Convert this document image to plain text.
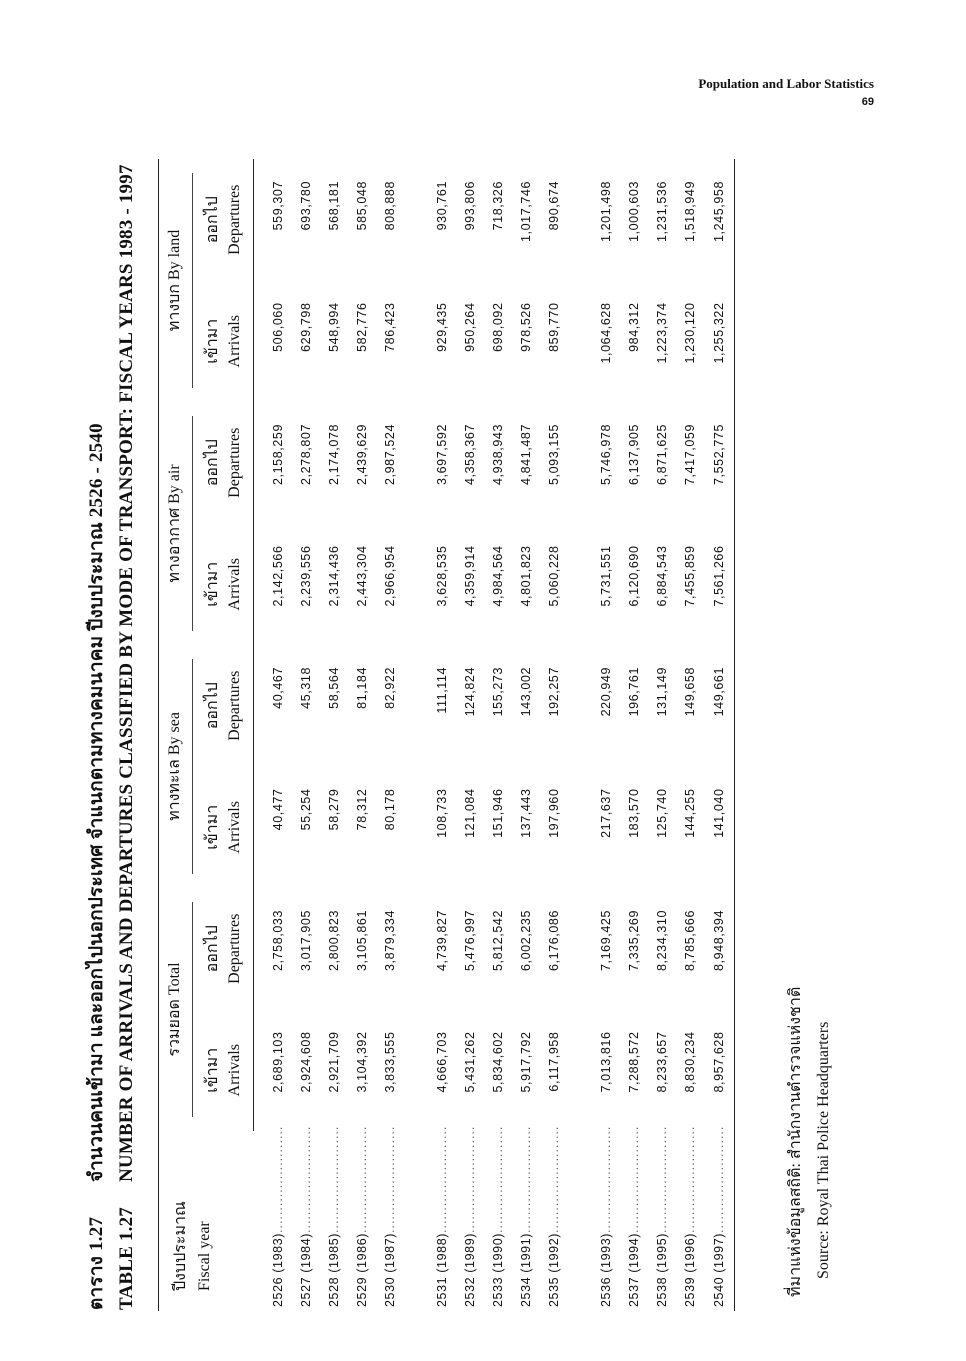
Population and Labor Statistics
69
ตาราง 1.27จำนวนคนเข้ามา และออกไปนอกประเทศ จำแนกตามทางคมนาคม ปีงบประมาณ 2526 - 2540
TABLE 1.27NUMBER OF ARRIVALS AND DEPARTURES CLASSIFIED BY MODE OF TRANSPORT: FISCAL YEARS 1983 - 1997
ปีงบประมาณ Fiscal year	รวมยอด Total		ทางทะเล By sea		ทางอากาศ By air		ทางบก By land	

	เข้ามา Arrivals	ออกไป Departures	เข้ามา Arrivals	ออกไป Departures	เข้ามา Arrivals	ออกไป Departures	เข้ามา Arrivals	ออกไป Departures

2526 (1983)........................	2,689,103	2,758,033	40,477	40,467	2,142,566	2,158,259	506,060	559,307
2527 (1984)........................	2,924,608	3,017,905	55,254	45,318	2,239,556	2,278,807	629,798	693,780
2528 (1985)........................	2,921,709	2,800,823	58,279	58,564	2,314,436	2,174,078	548,994	568,181
2529 (1986)........................	3,104,392	3,105,861	78,312	81,184	2,443,304	2,439,629	582,776	585,048
2530 (1987)........................	3,833,555	3,879,334	80,178	82,922	2,966,954	2,987,524	786,423	808,888

2531 (1988)........................	4,666,703	4,739,827	108,733	111,114	3,628,535	3,697,592	929,435	930,761
2532 (1989)........................	5,431,262	5,476,997	121,084	124,824	4,359,914	4,358,367	950,264	993,806
2533 (1990)........................	5,834,602	5,812,542	151,946	155,273	4,984,564	4,938,943	698,092	718,326
2534 (1991)........................	5,917,792	6,002,235	137,443	143,002	4,801,823	4,841,487	978,526	1,017,746
2535 (1992)........................	6,117,958	6,176,086	197,960	192,257	5,060,228	5,093,155	859,770	890,674

2536 (1993)........................	7,013,816	7,169,425	217,637	220,949	5,731,551	5,746,978	1,064,628	1,201,498
2537 (1994)........................	7,288,572	7,335,269	183,570	196,761	6,120,690	6,137,905	984,312	1,000,603
2538 (1995)........................	8,233,657	8,234,310	125,740	131,149	6,884,543	6,871,625	1,223,374	1,231,536
2539 (1996)........................	8,830,234	8,785,666	144,255	149,658	7,455,859	7,417,059	1,230,120	1,518,949
2540 (1997)........................	8,957,628	8,948,394	141,040	149,661	7,561,266	7,552,775	1,255,322	1,245,958
ที่มาแห่งข้อมูลสถิติ: สำนักงานตำรวจแห่งชาติ Source: Royal Thai Police Headquarters
